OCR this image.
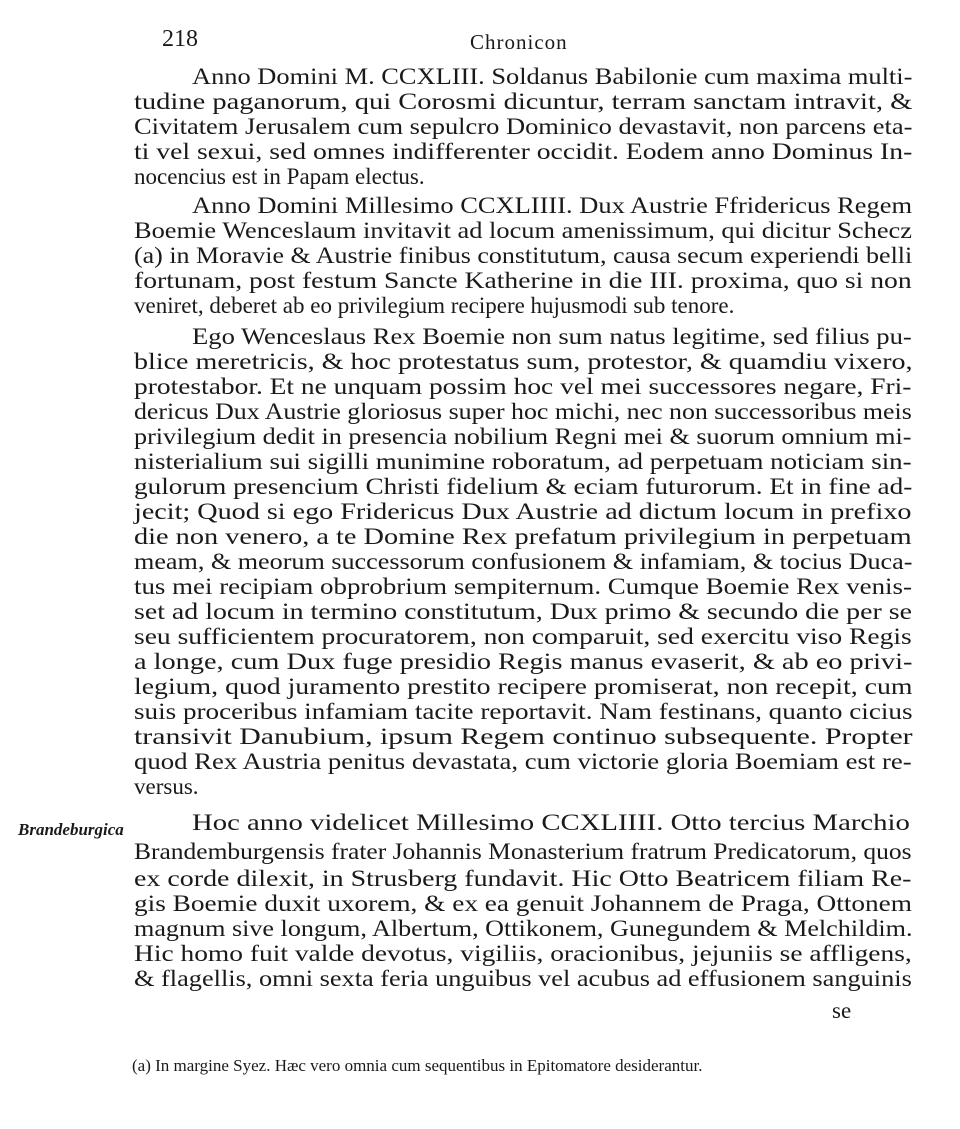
218	Chronicon
Brandeburgica
Anno Domini M. CCXLIII. Soldanus Babilonie cum maxima multi-
tudine paganorum, qui Corosmi dicuntur, terram sanctam intravit, &
Civitatem Jerusalem cum sepulcro Dominico devastavit, non parcens eta-
ti vel sexui, sed omnes indifferenter occidit. Eodem anno Dominus In-
nocencius est in Papam electus.
Anno Domini Millesimo CCXLIIII. Dux Austrie Ffridericus Regem
Boemie Wenceslaum invitavit ad locum amenissimum, qui dicitur Schecz
(a) in Moravie & Austrie finibus constitutum, causa secum experiendi belli
fortunam, post festum Sancte Katherine in die III. proxima, quo si non
veniret, deberet ab eo privilegium recipere hujusmodi sub tenore.
Ego Wenceslaus Rex Boemie non sum natus legitime, sed filius pu-
blice meretricis, & hoc protestatus sum, protestor, & quamdiu vixero,
protestabor. Et ne unquam possim hoc vel mei successores negare, Fri-
dericus Dux Austrie gloriosus super hoc michi, nec non successoribus meis
privilegium dedit in presencia nobilium Regni mei & suorum omnium mi-
nisterialium sui sigilli munimine roboratum, ad perpetuam noticiam sin-
gulorum presencium Christi fidelium & eciam futurorum. Et in fine ad-
jecit; Quod si ego Fridericus Dux Austrie ad dictum locum in prefixo
die non venero, a te Domine Rex prefatum privilegium in perpetuam
meam, & meorum successorum confusionem & infamiam, & tocius Duca-
tus mei recipiam obprobrium sempiternum. Cumque Boemie Rex venis-
set ad locum in termino constitutum, Dux primo & secundo die per se
seu sufficientem procuratorem, non comparuit, sed exercitu viso Regis
a longe, cum Dux fuge presidio Regis manus evaserit, & ab eo privi-
legium, quod juramento prestito recipere promiserat, non recepit, cum
suis proceribus infamiam tacite reportavit. Nam festinans, quanto cicius
transivit Danubium, ipsum Regem continuo subsequente. Propter
quod Rex Austria penitus devastata, cum victorie gloria Boemiam est re-
versus.
Hoc anno videlicet Millesimo CCXLIIII. Otto tercius Marchio
Brandemburgensis frater Johannis Monasterium fratrum Predicatorum, quos
ex corde dilexit, in Strusberg fundavit. Hic Otto Beatricem filiam Re-
gis Boemie duxit uxorem, & ex ea genuit Johannem de Praga, Ottonem
magnum sive longum, Albertum, Ottikonem, Gunegundem & Melchildim.
Hic homo fuit valde devotus, vigiliis, oracionibus, jejuniis se affligens,
& flagellis, omni sexta feria unguibus vel acubus ad effusionem sanguinis
se
(a) In margine Syez. Hæc vero omnia cum sequentibus in Epitomatore desiderantur.
